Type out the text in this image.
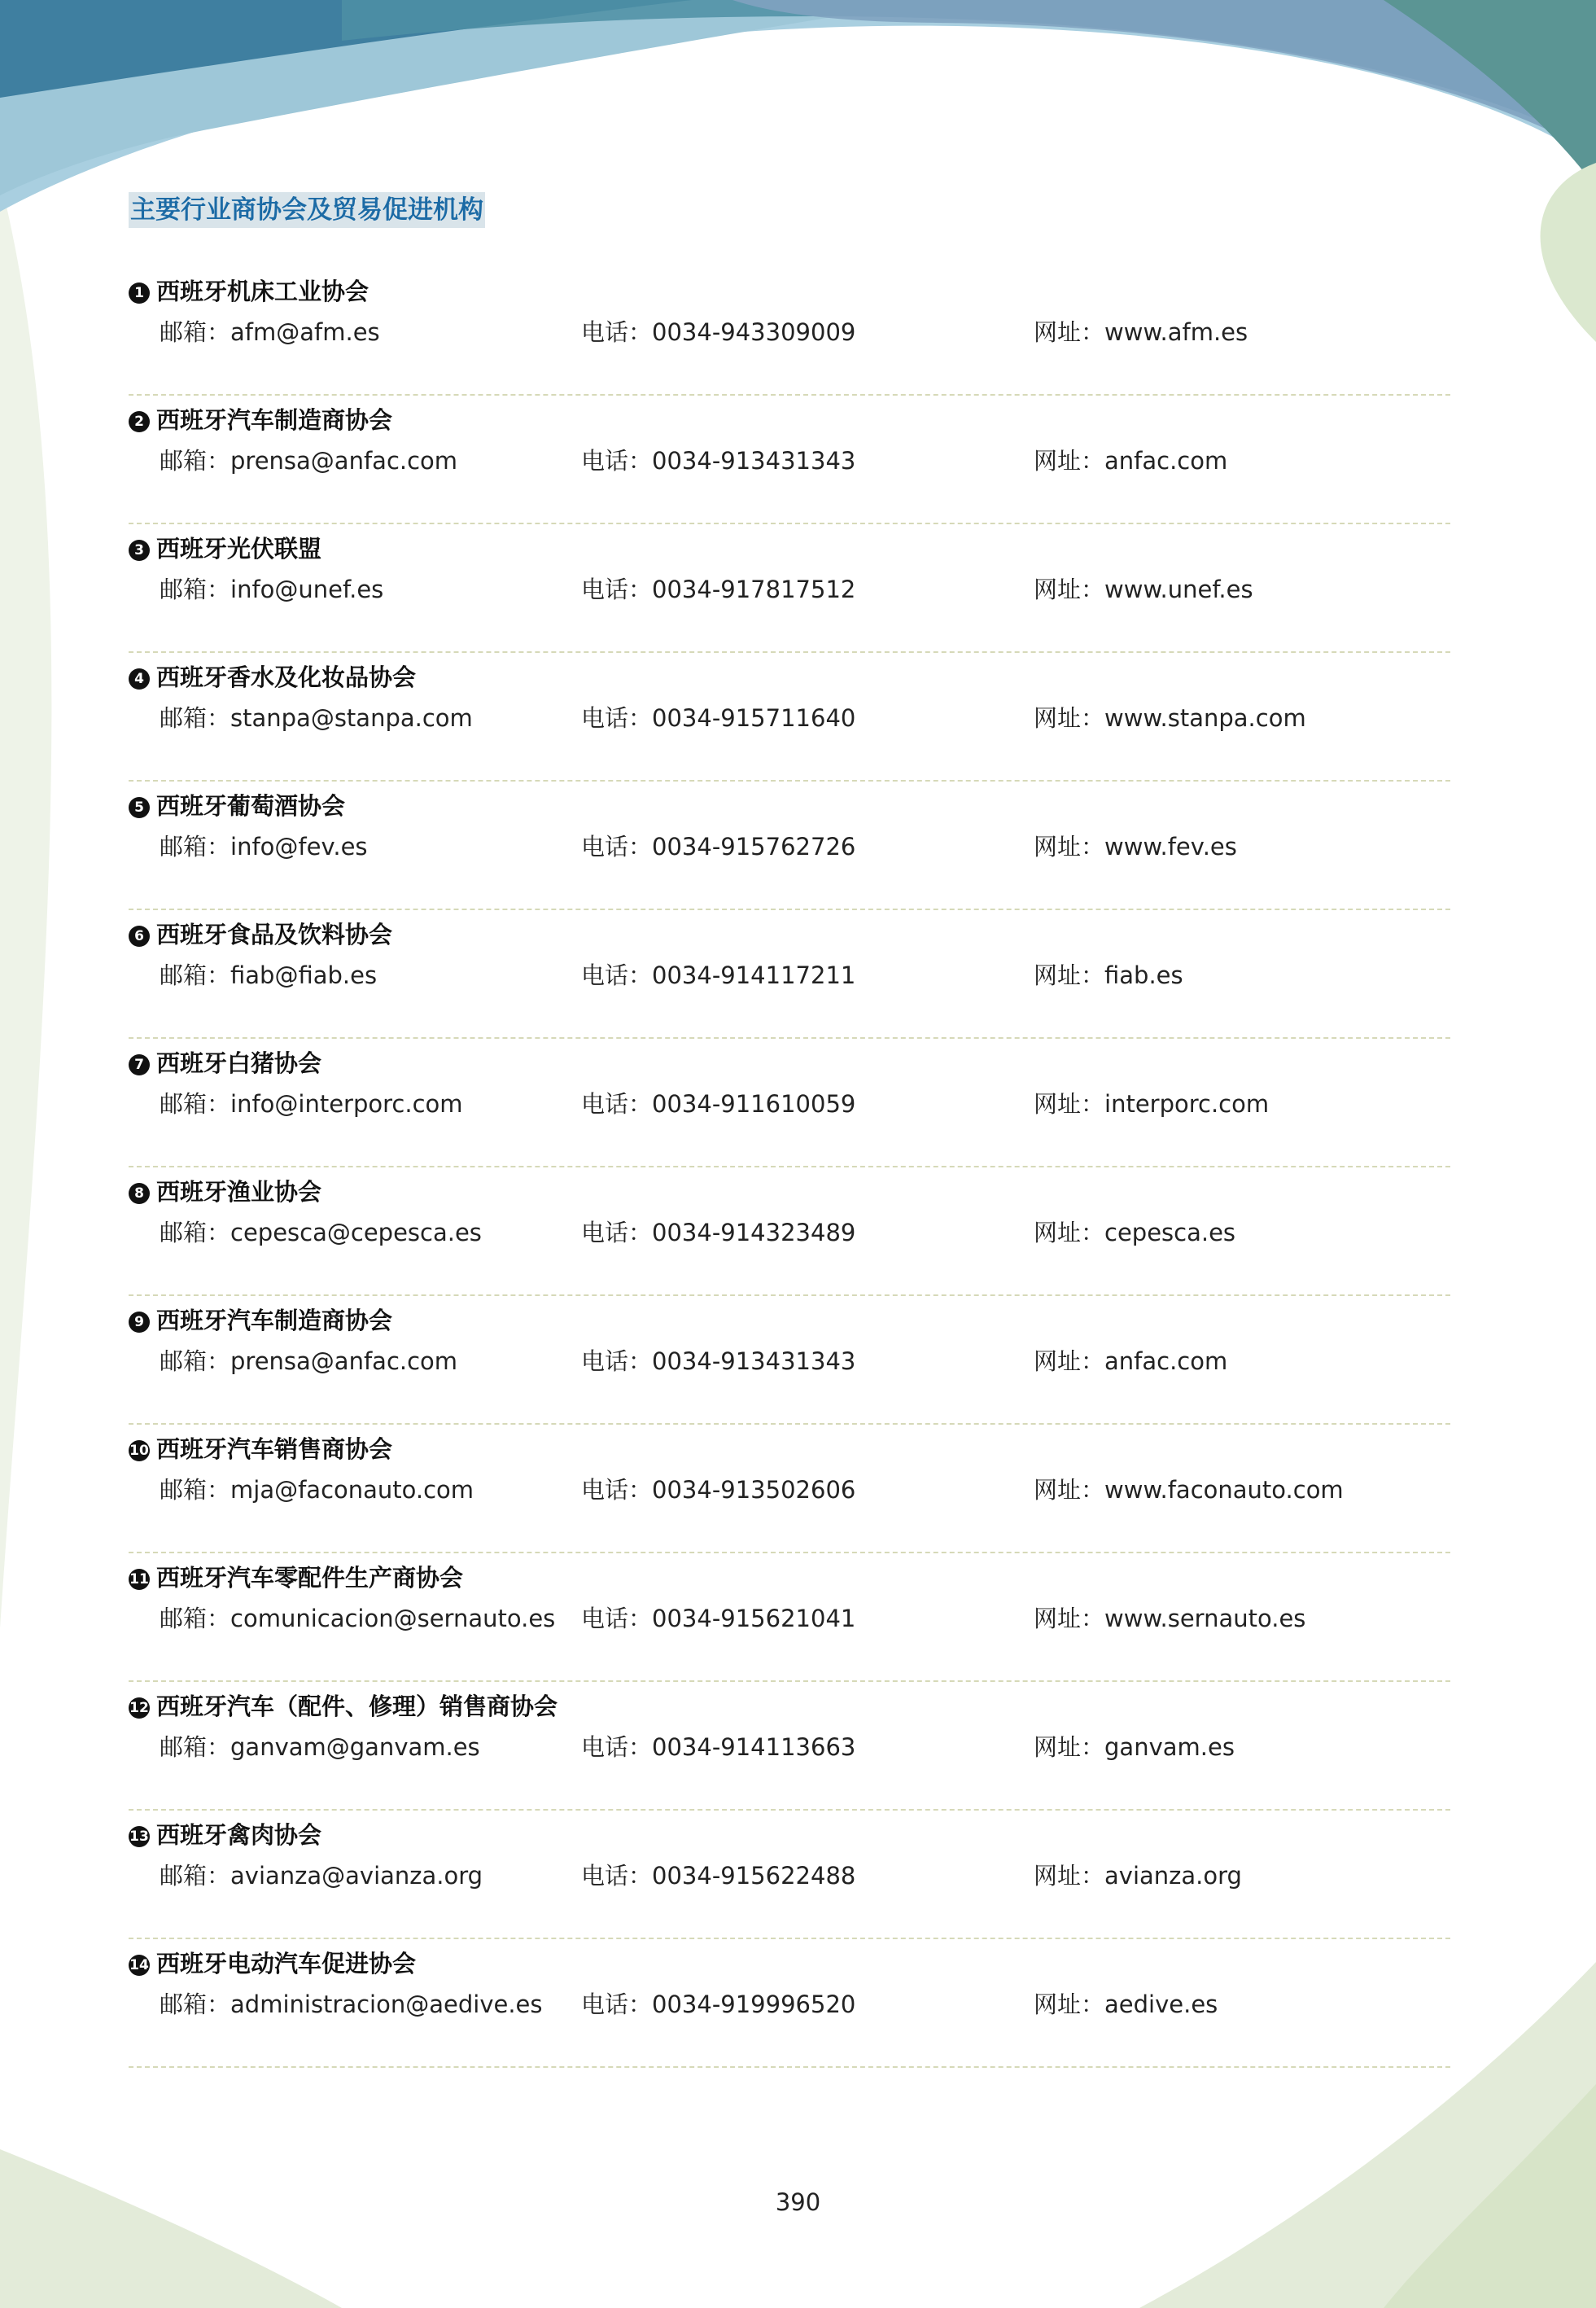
主要行业商协会及贸易促进机构
1 西班牙机床工业协会
邮箱：afm@afm.es	电话：0034-943309009	网址：www.afm.es
2 西班牙汽车制造商协会
邮箱：prensa@anfac.com	电话：0034-913431343	网址：anfac.com
3 西班牙光伏联盟
邮箱：info@unef.es	电话：0034-917817512	网址：www.unef.es
4 西班牙香水及化妆品协会
邮箱：stanpa@stanpa.com	电话：0034-915711640	网址：www.stanpa.com
5 西班牙葡萄酒协会
邮箱：info@fev.es	电话：0034-915762726	网址：www.fev.es
6 西班牙食品及饮料协会
邮箱：fiab@fiab.es	电话：0034-914117211	网址：fiab.es
7 西班牙白猪协会
邮箱：info@interporc.com	电话：0034-911610059	网址：interporc.com
8 西班牙渔业协会
邮箱：cepesca@cepesca.es	电话：0034-914323489	网址：cepesca.es
9 西班牙汽车制造商协会
邮箱：prensa@anfac.com	电话：0034-913431343	网址：anfac.com
10 西班牙汽车销售商协会
邮箱：mja@faconauto.com	电话：0034-913502606	网址：www.faconauto.com
11 西班牙汽车零配件生产商协会
邮箱：comunicacion@sernauto.es 电话：0034-915621041	网址：www.sernauto.es
12 西班牙汽车（配件、修理）销售商协会
邮箱：ganvam@ganvam.es	电话：0034-914113663	网址：ganvam.es
13 西班牙禽肉协会
邮箱：avianza@avianza.org	电话：0034-915622488	网址：avianza.org
14 西班牙电动汽车促进协会
邮箱：administracion@aedive.es 电话：0034-919996520	网址：aedive.es
390
